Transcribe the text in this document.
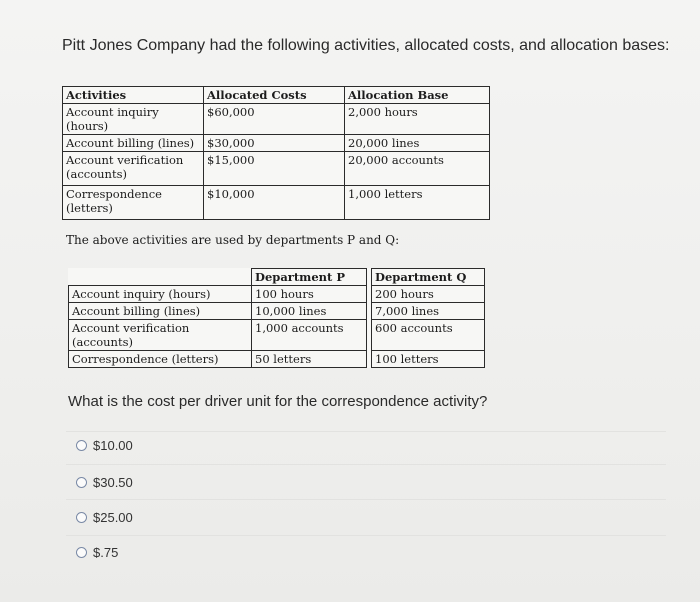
Pitt Jones Company had the following activities, allocated costs, and allocation bases:
Activities	Allocated Costs	Allocation Base
Account inquiry (hours)	$60,000	2,000 hours
Account billing (lines)	$30,000	20,000 lines
Account verification (accounts)	$15,000	20,000 accounts
Correspondence (letters)	$10,000	1,000 letters
The above activities are used by departments P and Q:
	Department P		Department Q
Account inquiry (hours)	100 hours		200 hours
Account billing (lines)	10,000 lines		7,000 lines
Account verification (accounts)	1,000 accounts		600 accounts
Correspondence (letters)	50 letters		100 letters
What is the cost per driver unit for the correspondence activity?
$10.00
$30.50
$25.00
$.75
